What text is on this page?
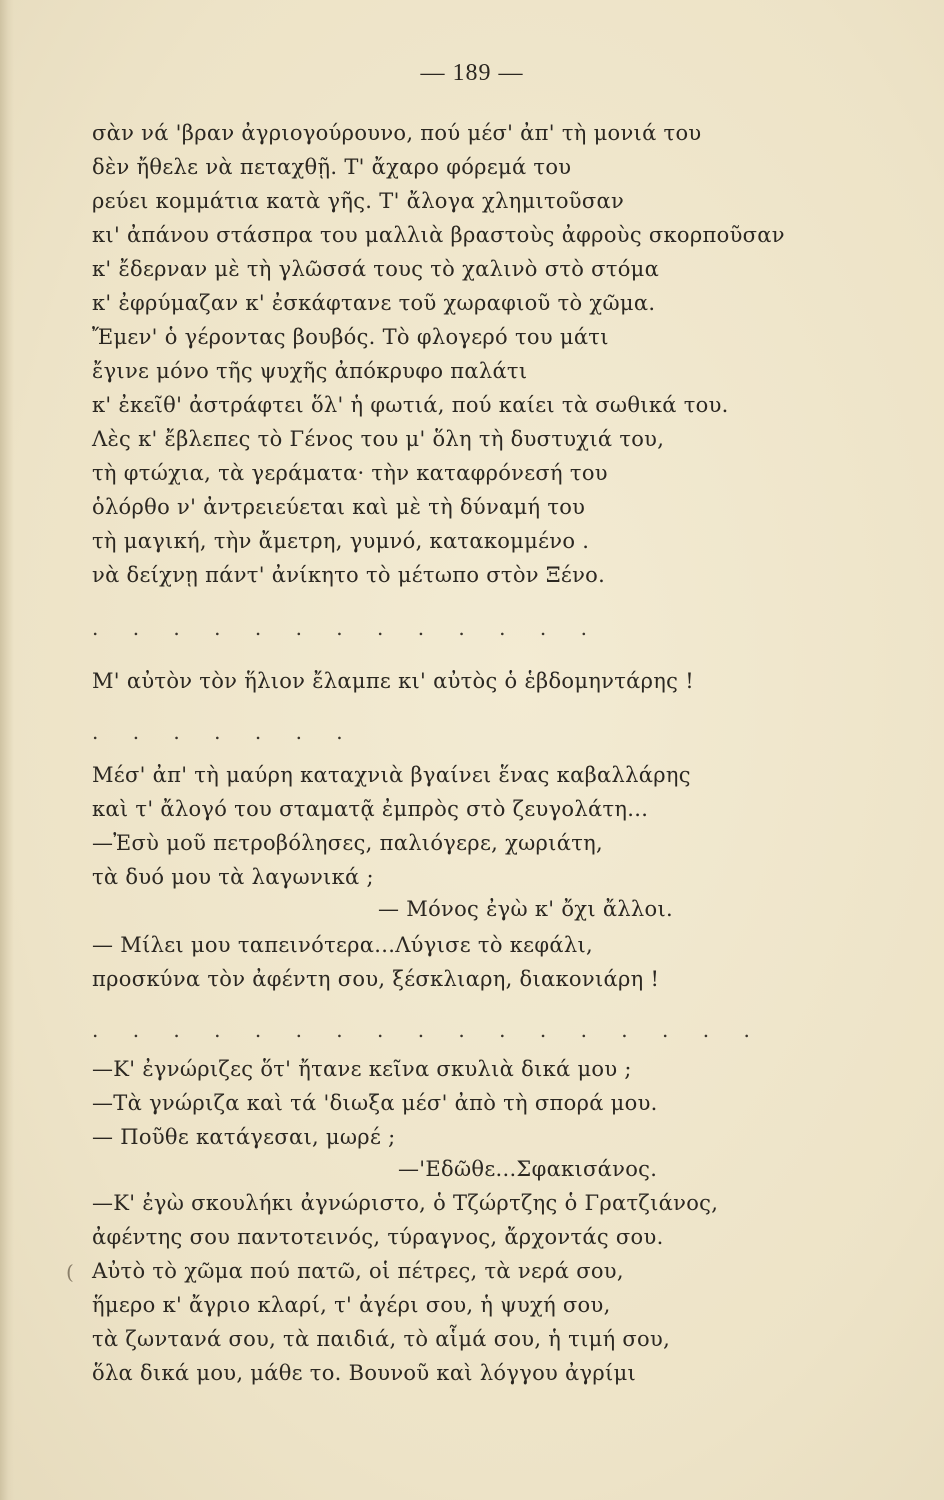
— 189 —
σὰν νά 'βραν ἀγριογούρουνο, πού μέσ' ἀπ' τὴ μονιά του
δὲν ἤθελε νὰ πεταχθῇ. Τ' ἄχαρο φόρεμά του
ρεύει κομμάτια κατὰ γῆς. Τ' ἄλογα χλημιτοῦσαν
κι' ἀπάνου στάσπρα του μαλλιὰ βραστοὺς ἀφροὺς σκορποῦσαν
κ' ἔδερναν μὲ τὴ γλῶσσά τους τὸ χαλινὸ στὸ στόμα
κ' ἐφρύμαζαν κ' ἐσκάφτανε τοῦ χωραφιοῦ τὸ χῶμα.
Ἔμεν' ὁ γέροντας βουβός. Τὸ φλογερό του μάτι
ἔγινε μόνο τῆς ψυχῆς ἀπόκρυφο παλάτι
κ' ἐκεῖθ' ἀστράφτει ὅλ' ἡ φωτιά, πού καίει τὰ σωθικά του.
Λὲς κ' ἔβλεπες τὸ Γένος του μ' ὅλη τὴ δυστυχιά του,
τὴ φτώχια, τὰ γεράματα· τὴν καταφρόνεσή του
ὁλόρθο ν' ἀντρειεύεται καὶ μὲ τὴ δύναμή του
τὴ μαγική, τὴν ἄμετρη, γυμνό, κατακομμένο .
νὰ δείχνῃ πάντ' ἀνίκητο τὸ μέτωπο στὸν Ξένο.
. . . . . . . . . . . . .
Μ' αὐτὸν τὸν ἥλιον ἔλαμπε κι' αὐτὸς ὁ ἑβδομηντάρης !
. . . . . . .
Μέσ' ἀπ' τὴ μαύρη καταχνιὰ βγαίνει ἕνας καβαλλάρης
καὶ τ' ἄλογό του σταματᾷ ἐμπρὸς στὸ ζευγολάτη...
—Ἐσὺ μοῦ πετροβόλησες, παλιόγερε, χωριάτη,
τὰ δυό μου τὰ λαγωνικά ;
— Μόνος ἐγὼ κ' ὄχι ἄλλοι.
— Μίλει μου ταπεινότερα...Λύγισε τὸ κεφάλι,
προσκύνα τὸν ἀφέντη σου, ξέσκλιαρη, διακονιάρη !
. . . . . . . . . . . . . . . . .
—Κ' ἐγνώριζες ὅτ' ἤτανε κεῖνα σκυλιὰ δικά μου ;
—Τὰ γνώριζα καὶ τά 'διωξα μέσ' ἀπὸ τὴ σπορά μου.
— Ποῦθε κατάγεσαι, μωρέ ;
—'Εδῶθε...Σφακισάνος.
—Κ' ἐγὼ σκουλήκι ἀγνώριστο, ὁ Τζώρτζης ὁ Γρατζιάνος,
ἀφέντης σου παντοτεινός, τύραγνος, ἄρχοντάς σου.
Αὐτὸ τὸ χῶμα πού πατῶ, οἱ πέτρες, τὰ νερά σου,
ἥμερο κ' ἄγριο κλαρί, τ' ἀγέρι σου, ἡ ψυχή σου,
τὰ ζωντανά σου, τὰ παιδιά, τὸ αἷμά σου, ἡ τιμή σου,
ὅλα δικά μου, μάθε το. Βουνοῦ καὶ λόγγου ἀγρίμι
(
